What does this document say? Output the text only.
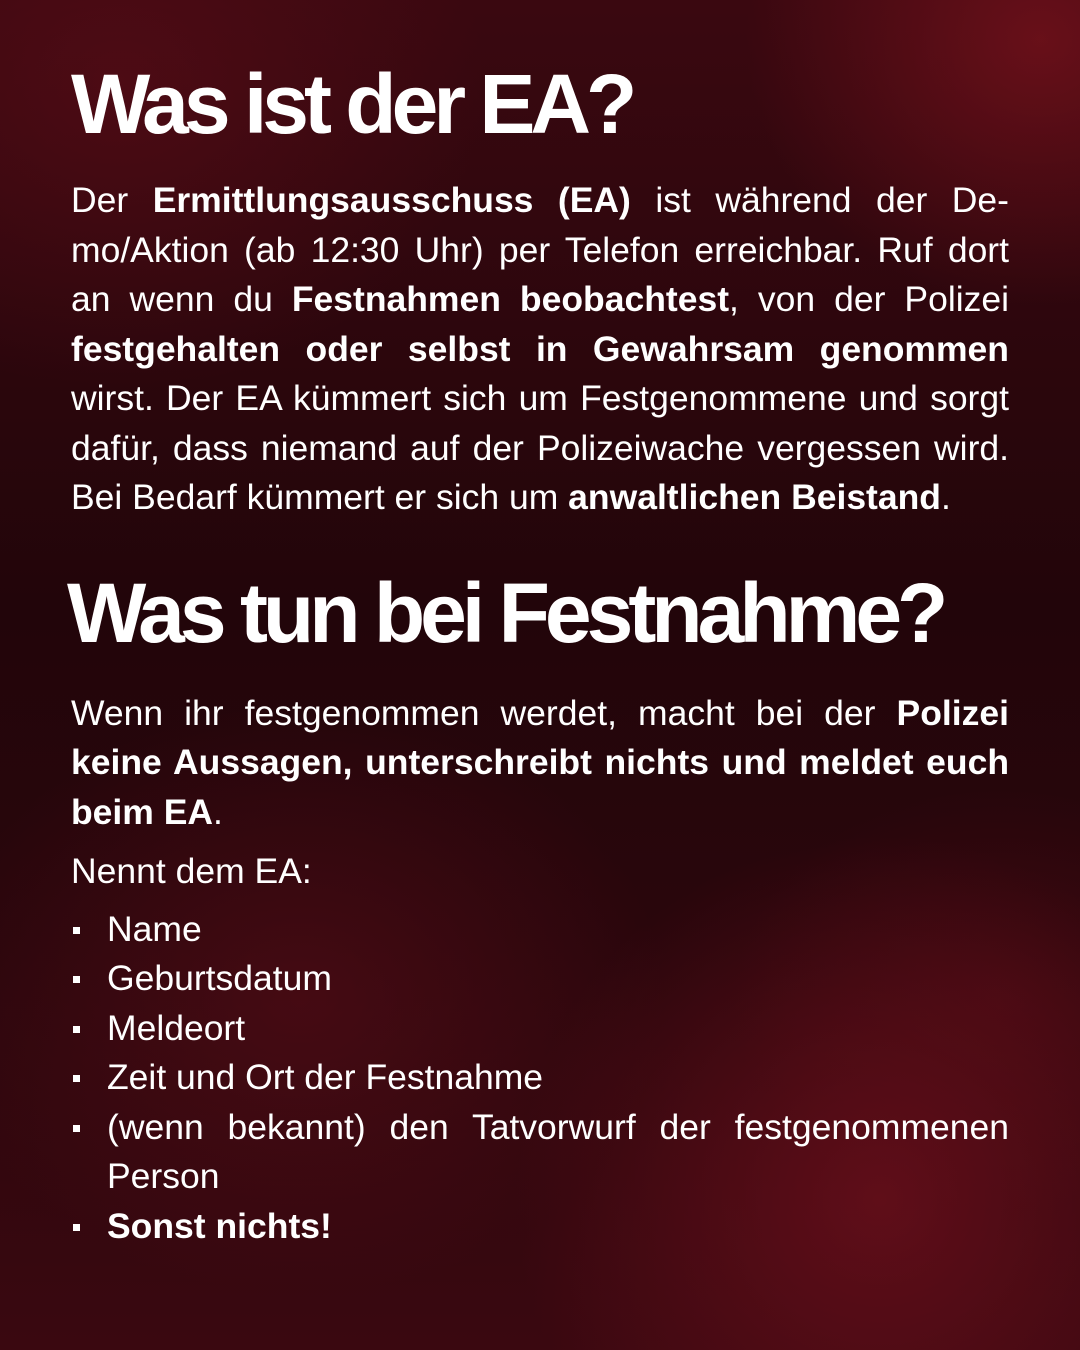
Was ist der EA?

Der Ermittlungsausschuss (EA) ist während der Demo/Aktion (ab 12:30 Uhr) per Telefon erreichbar. Ruf dort an wenn du Festnahmen beobachtest, von der Polizei festgehalten oder selbst in Gewahrsam genommen wirst. Der EA kümmert sich um Festgenommene und sorgt dafür, dass niemand auf der Polizeiwache vergessen wird. Bei Bedarf kümmert er sich um anwaltlichen Beistand.

Was tun bei Festnahme?

Wenn ihr festgenommen werdet, macht bei der Polizei keine Aussagen, unterschreibt nichts und meldet euch beim EA.

Nennt dem EA:

Name
Geburtsdatum
Meldeort
Zeit und Ort der Festnahme
(wenn bekannt) den Tatvorwurf der festgenommenen Person
Sonst nichts!
